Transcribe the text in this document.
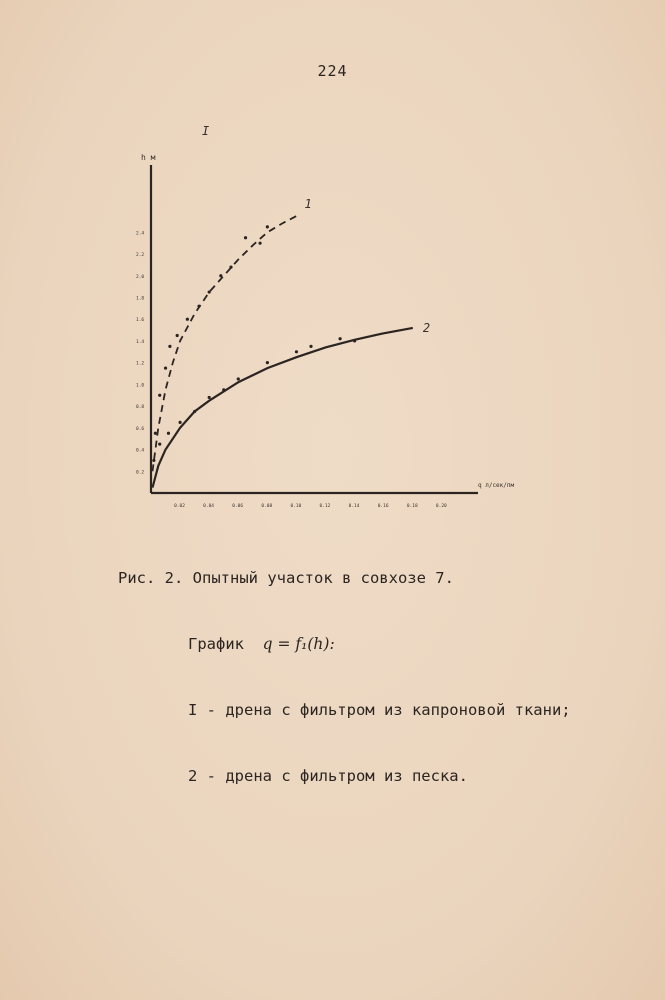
224
h м
q л/сек/пм
0.02	0.04	0.06	0.08	0.10	0.12	0.14	0.16	0.18	0.20
0.2
0.4
0.6
0.8
1.0
1.2
1.4
1.6
1.8
2.0
2.2
2.4
1
2
I

Рис. 2. Опытный участок в совхозе 7.

График q = f₁(h):

I - дрена с фильтром из капроновой ткани;

2 - дрена с фильтром из песка.
